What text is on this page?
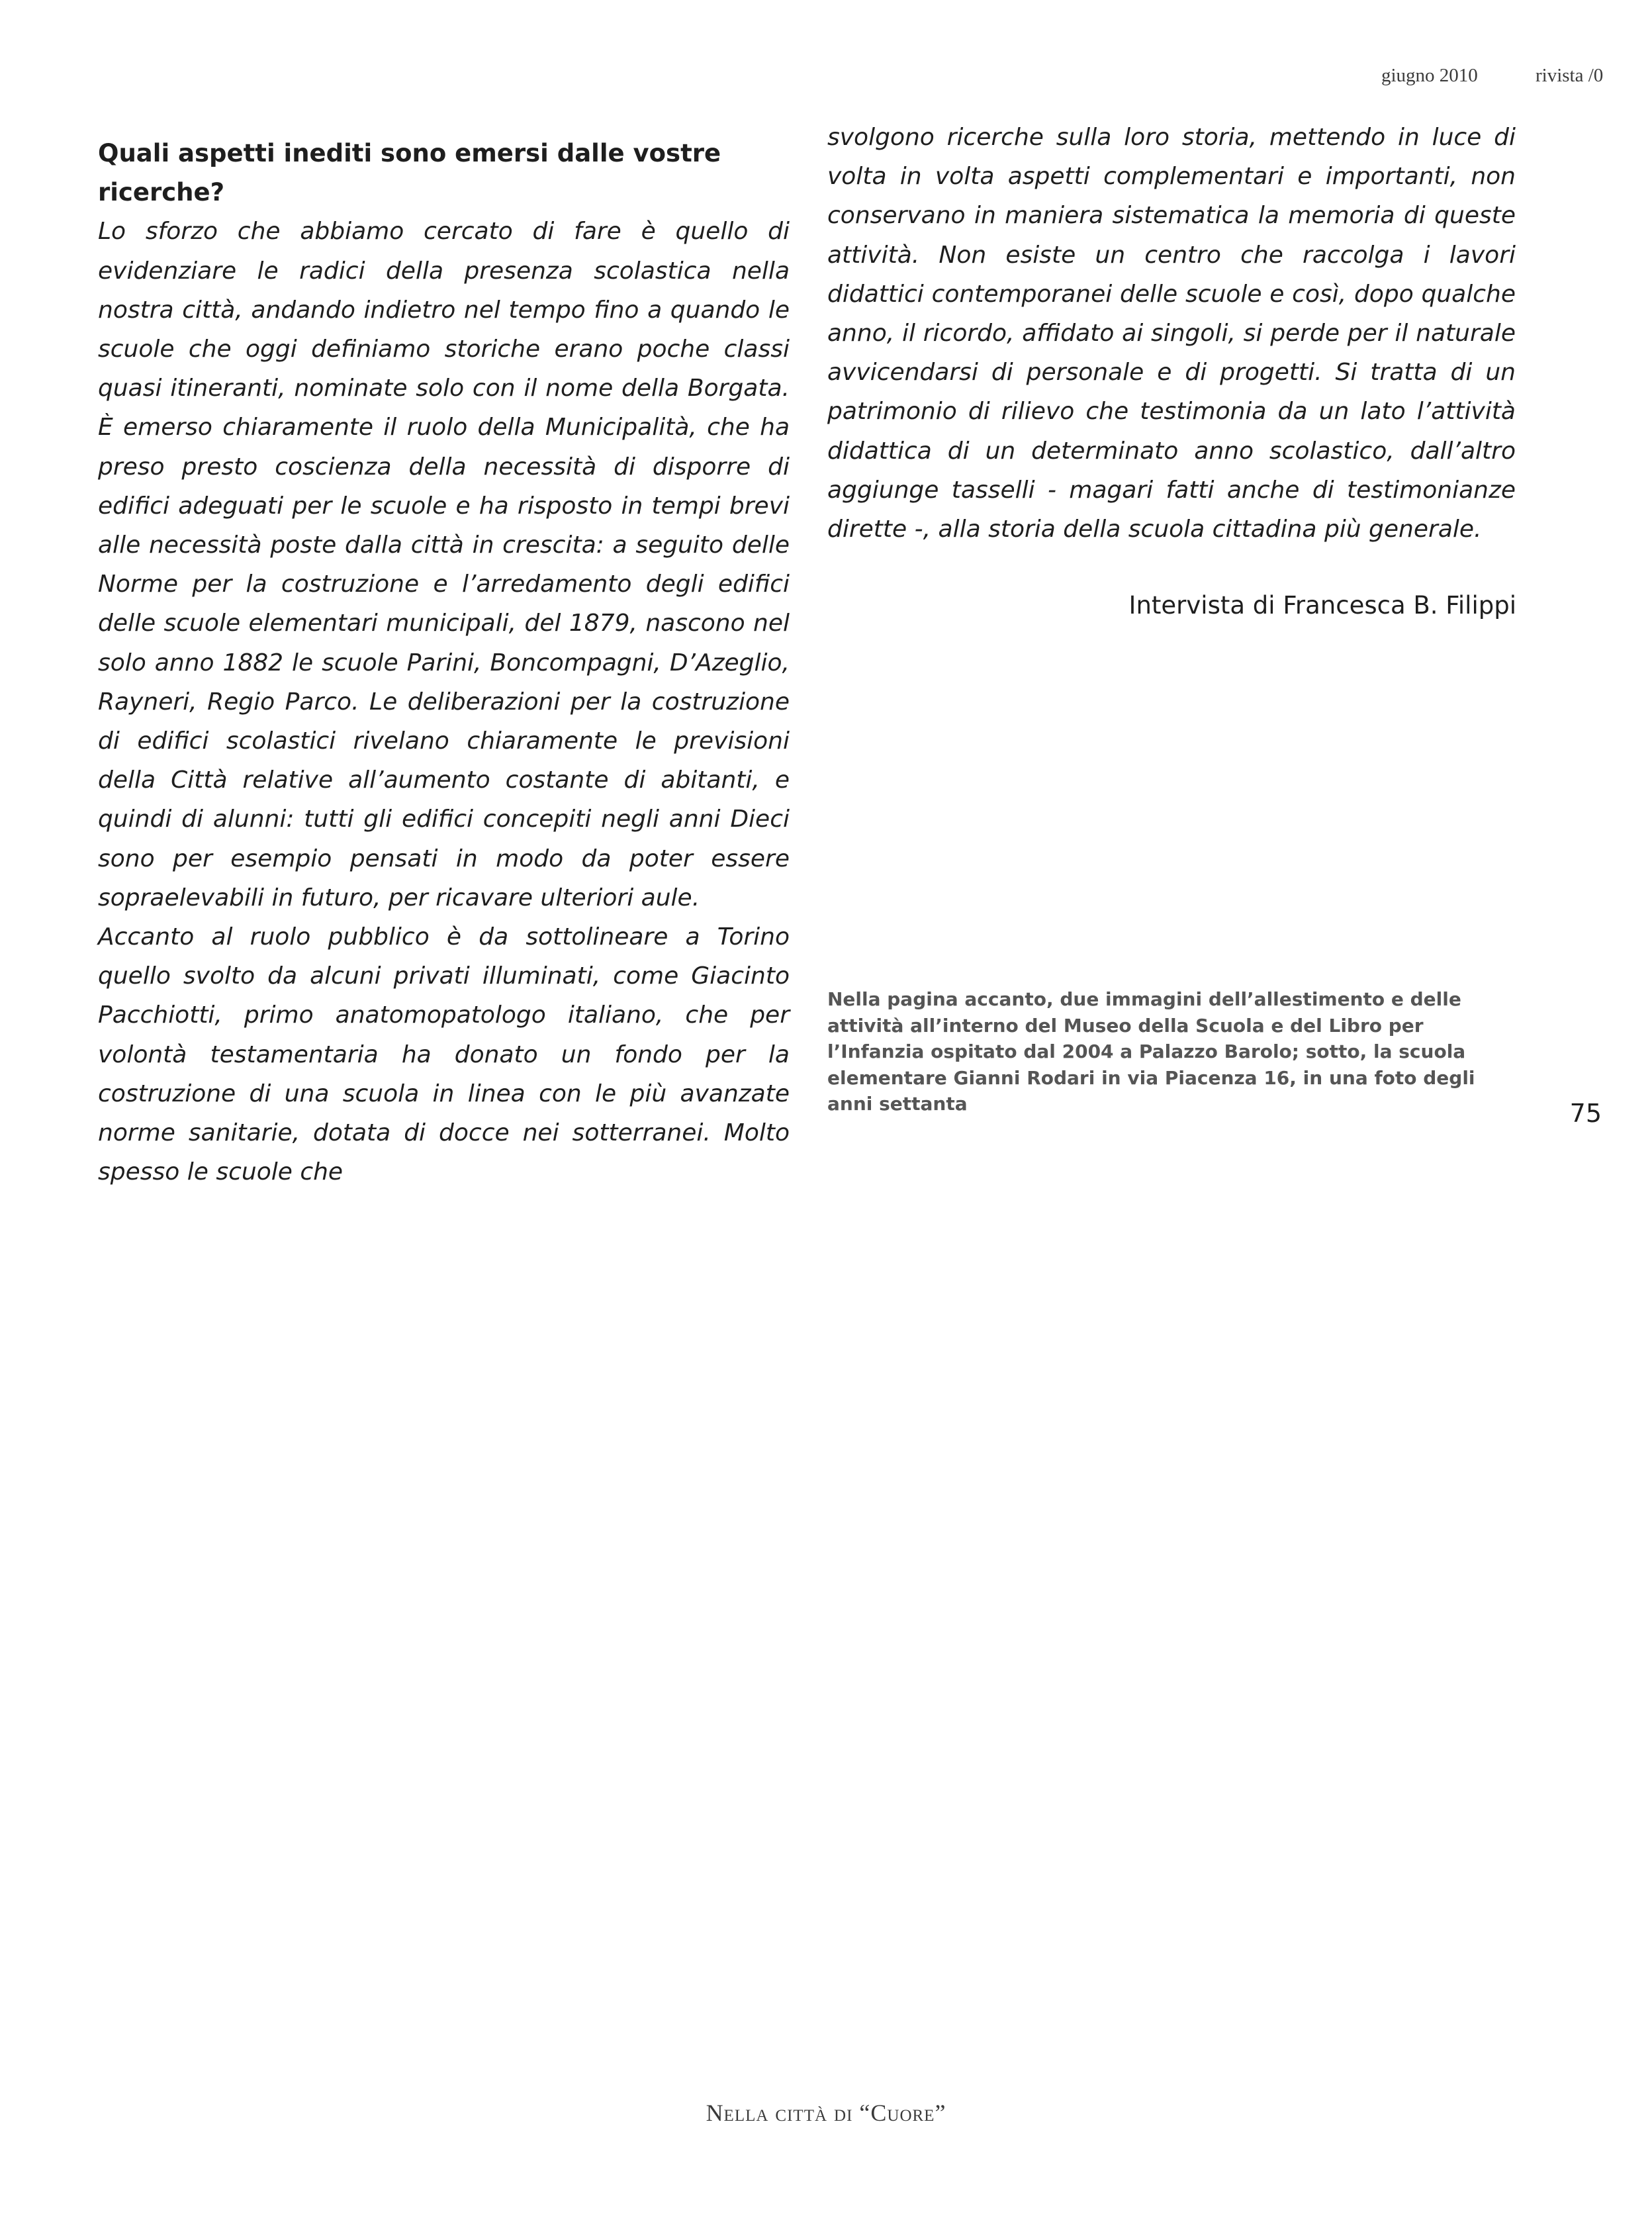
giugno 2010	rivista /0

Quali aspetti inediti sono emersi dalle vostre ricerche?

Lo sforzo che abbiamo cercato di fare è quello di evidenziare le radici della presenza scolastica nella nostra città, andando indietro nel tempo fino a quando le scuole che oggi definiamo storiche erano poche classi quasi itineranti, nominate solo con il nome della Borgata. È emerso chiaramente il ruolo della Municipalità, che ha preso presto coscienza della necessità di disporre di edifici adeguati per le scuole e ha risposto in tempi brevi alle necessità poste dalla città in crescita: a seguito delle Norme per la costruzione e l’arredamento degli edifici delle scuole elementari municipali, del 1879, nascono nel solo anno 1882 le scuole Parini, Boncompagni, D’Azeglio, Rayneri, Regio Parco. Le deliberazioni per la costruzione di edifici scolastici rivelano chiaramente le previsioni della Città relative all’aumento costante di abitanti, e quindi di alunni: tutti gli edifici concepiti negli anni Dieci sono per esempio pensati in modo da poter essere sopraelevabili in futuro, per ricavare ulteriori aule.

Accanto al ruolo pubblico è da sottolineare a Torino quello svolto da alcuni privati illuminati, come Giacinto Pacchiotti, primo anatomopatologo italiano, che per volontà testamentaria ha donato un fondo per la costruzione di una scuola in linea con le più avanzate norme sanitarie, dotata di docce nei sotterranei. Molto spesso le scuole che

svolgono ricerche sulla loro storia, mettendo in luce di volta in volta aspetti complementari e importanti, non conservano in maniera sistematica la memoria di queste attività. Non esiste un centro che raccolga i lavori didattici contemporanei delle scuole e così, dopo qualche anno, il ricordo, affidato ai singoli, si perde per il naturale avvicendarsi di personale e di progetti. Si tratta di un patrimonio di rilievo che testimonia da un lato l’attività didattica di un determinato anno scolastico, dall’altro aggiunge tasselli - magari fatti anche di testimonianze dirette -, alla storia della scuola cittadina più generale.

Intervista di Francesca B. Filippi
Nella pagina accanto, due immagini dell’allestimento e delle attività all’interno del Museo della Scuola e del Libro per l’Infanzia ospitato dal 2004 a Palazzo Barolo; sotto, la scuola elementare Gianni Rodari in via Piacenza 16, in una foto degli anni settanta	75
Nella città di “Cuore”
